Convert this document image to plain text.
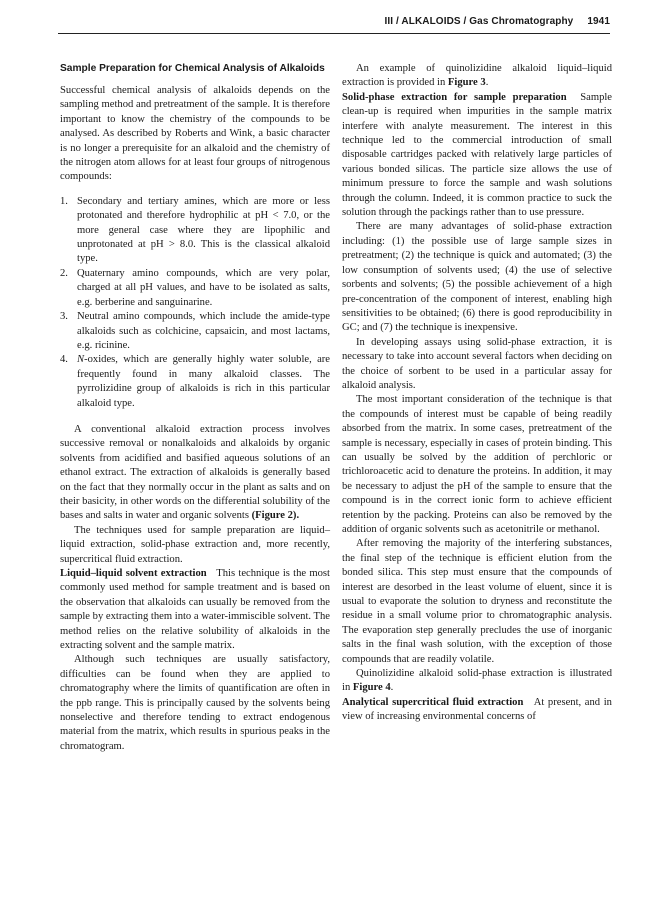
III / ALKALOIDS / Gas Chromatography 1941
Sample Preparation for Chemical Analysis of Alkaloids

Successful chemical analysis of alkaloids depends on the sampling method and pretreatment of the sample. It is therefore important to know the chemistry of the compounds to be analysed. As described by Roberts and Wink, a basic character is no longer a prerequisite for an alkaloid and the chemistry of the nitrogen atom allows for at least four groups of nitrogenous compounds:

1. Secondary and tertiary amines, which are more or less protonated and therefore hydrophilic at pH < 7.0, or the more general case where they are lipophilic and unprotonated at pH > 8.0. This is the classical alkaloid type.
2. Quaternary amino compounds, which are very polar, charged at all pH values, and have to be isolated as salts, e.g. berberine and sanguinarine.
3. Neutral amino compounds, which include the amide-type alkaloids such as colchicine, capsaicin, and most lactams, e.g. ricinine.
4. N-oxides, which are generally highly water soluble, are frequently found in many alkaloid classes. The pyrrolizidine group of alkaloids is rich in this particular alkaloid type.

A conventional alkaloid extraction process involves successive removal or nonalkaloids and alkaloids by organic solvents from acidified and basified aqueous solutions of an ethanol extract. The extraction of alkaloids is generally based on the fact that they normally occur in the plant as salts and on their basicity, in other words on the differential solubility of the bases and salts in water and organic solvents (Figure 2).

The techniques used for sample preparation are liquid–liquid extraction, solid-phase extraction and, more recently, supercritical fluid extraction.

Liquid–liquid solvent extraction This technique is the most commonly used method for sample treatment and is based on the observation that alkaloids can usually be removed from the sample by extracting them into a water-immiscible solvent. The method relies on the relative solubility of alkaloids in the extracting solvent and the sample matrix.

Although such techniques are usually satisfactory, difficulties can be found when they are applied to chromatography where the limits of quantification are often in the ppb range. This is principally caused by the solvents being nonselective and therefore tending to extract endogenous material from the matrix, which results in spurious peaks in the chromatogram.

An example of quinolizidine alkaloid liquid–liquid extraction is provided in Figure 3.

Solid-phase extraction for sample preparation Sample clean-up is required when impurities in the sample matrix interfere with analyte measurement. The interest in this technique led to the commercial introduction of small disposable cartridges packed with relatively large particles of various bonded silicas. The particle size allows the use of minimum pressure to force the sample and wash solutions through the column. Indeed, it is common practice to suck the solution through the packings rather than to use pressure.

There are many advantages of solid-phase extraction including: (1) the possible use of large sample sizes in pretreatment; (2) the technique is quick and automated; (3) the low consumption of solvents used; (4) the use of selective sorbents and solvents; (5) the possible achievement of a high pre-concentration of the component of interest, enabling high sensitivities to be obtained; (6) there is good reproducibility in GC; and (7) the technique is inexpensive.

In developing assays using solid-phase extraction, it is necessary to take into account several factors when deciding on the choice of sorbent to be used in a particular assay for alkaloid analysis.

The most important consideration of the technique is that the compounds of interest must be capable of being readily absorbed from the matrix. In some cases, pretreatment of the sample is necessary, especially in cases of protein binding. This can usually be solved by the addition of perchloric or trichloroacetic acid to denature the proteins. In addition, it may be necessary to adjust the pH of the sample to ensure that the compound is in the correct ionic form to achieve efficient retention by the packing. Proteins can also be removed by the addition of organic solvents such as acetonitrile or methanol.

After removing the majority of the interfering substances, the final step of the technique is efficient elution from the bonded silica. This step must ensure that the compounds of interest are desorbed in the least volume of eluent, since it is usual to evaporate the solution to dryness and reconstitute the residue in a small volume prior to chromatographic analysis. The evaporation step generally precludes the use of inorganic salts in the final wash solution, with the exception of those compounds that are readily volatile.

Quinolizidine alkaloid solid-phase extraction is illustrated in Figure 4.

Analytical supercritical fluid extraction At present, and in view of increasing environmental concerns of
